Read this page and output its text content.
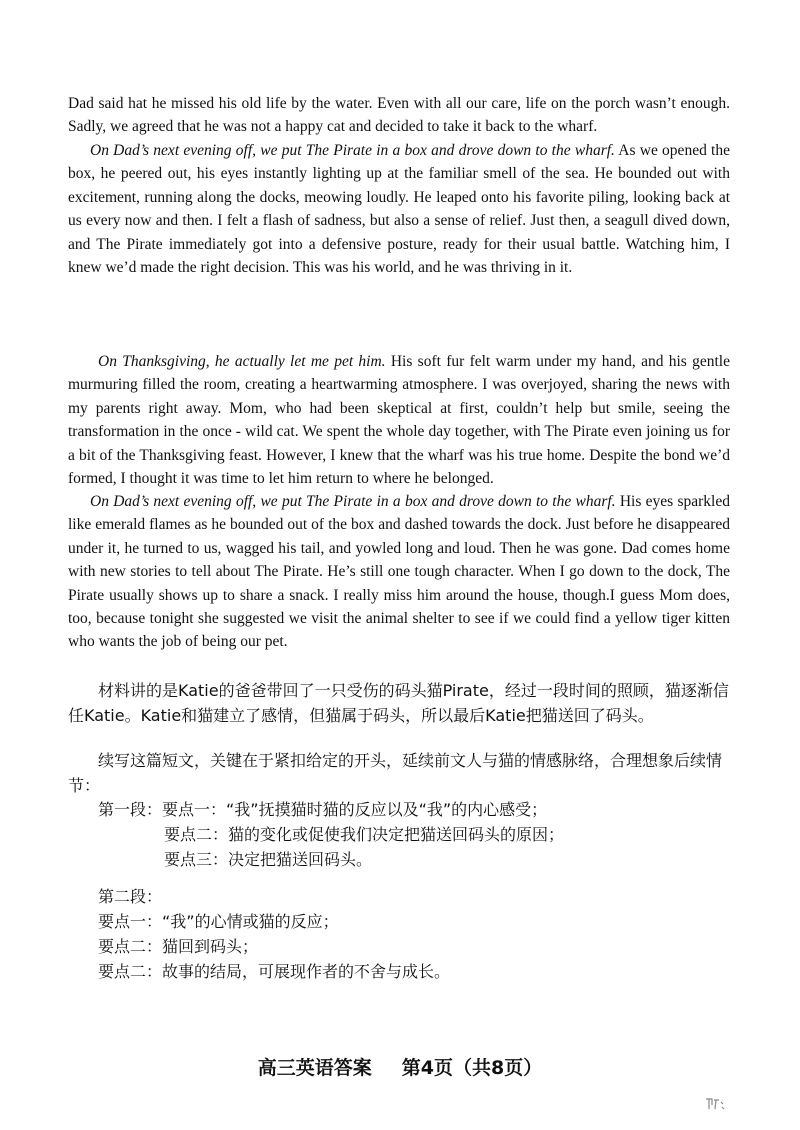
Dad said hat he missed his old life by the water. Even with all our care, life on the porch wasn’t enough. Sadly, we agreed that he was not a happy cat and decided to take it back to the wharf.

On Dad’s next evening off, we put The Pirate in a box and drove down to the wharf. As we opened the box, he peered out, his eyes instantly lighting up at the familiar smell of the sea. He bounded out with excitement, running along the docks, meowing loudly. He leaped onto his favorite piling, looking back at us every now and then. I felt a flash of sadness, but also a sense of relief. Just then, a seagull dived down, and The Pirate immediately got into a defensive posture, ready for their usual battle. Watching him, I knew we’d made the right decision. This was his world, and he was thriving in it.

On Thanksgiving, he actually let me pet him. His soft fur felt warm under my hand, and his gentle murmuring filled the room, creating a heartwarming atmosphere. I was overjoyed, sharing the news with my parents right away. Mom, who had been skeptical at first, couldn’t help but smile, seeing the transformation in the once - wild cat. We spent the whole day together, with The Pirate even joining us for a bit of the Thanksgiving feast. However, I knew that the wharf was his true home. Despite the bond we’d formed, I thought it was time to let him return to where he belonged.

On Dad’s next evening off, we put The Pirate in a box and drove down to the wharf. His eyes sparkled like emerald flames as he bounded out of the box and dashed towards the dock. Just before he disappeared under it, he turned to us, wagged his tail, and yowled long and loud. Then he was gone. Dad comes home with new stories to tell about The Pirate. He’s still one tough character. When I go down to the dock, The Pirate usually shows up to share a snack. I really miss him around the house, though.I guess Mom does, too, because tonight she suggested we visit the animal shelter to see if we could find a yellow tiger kitten who wants the job of being our pet.

材料讲的是Katie的爸爸带回了一只受伤的码头猫Pirate，经过一段时间的照顾，猫逐渐信
任Katie。Katie和猫建立了感情，但猫属于码头，所以最后Katie把猫送回了码头。
续写这篇短文，关键在于紧扣给定的开头，延续前文人与猫的情感脉络，合理想象后续情
节：
第一段：要点一：“我”抚摸猫时猫的反应以及“我”的内心感受；
要点二：猫的变化或促使我们决定把猫送回码头的原因；
要点三：决定把猫送回码头。
第二段：
要点一：“我”的心情或猫的反应；
要点二：猫回到码头；
要点二：故事的结局，可展现作者的不舍与成长。
高三英语答案 第4页（共8页）
